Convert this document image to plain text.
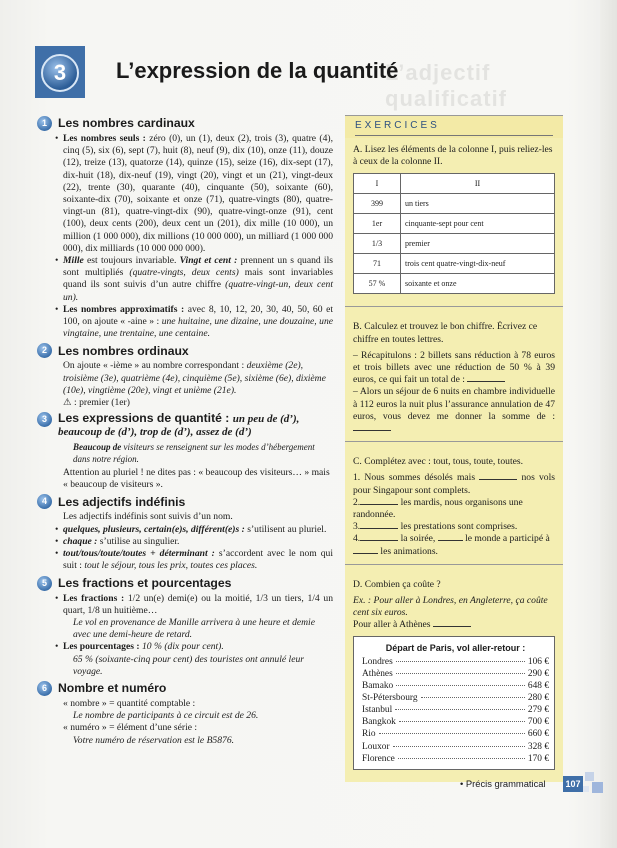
L’adjectif qualificatif
3	L’expression de la quantité
1 Les nombres cardinaux

• Les nombres seuls : zéro (0), un (1), deux (2), trois (3), quatre (4), cinq (5), six (6), sept (7), huit (8), neuf (9), dix (10), onze (11), douze (12), treize (13), quatorze (14), quinze (15), seize (16), dix-sept (17), dix-huit (18), dix-neuf (19), vingt (20), vingt et un (21), vingt-deux (22), trente (30), quarante (40), cinquante (50), soixante (60), soixante-dix (70), soixante et onze (71), quatre-vingts (80), quatre-vingt-un (81), quatre-vingt-dix (90), quatre-vingt-onze (91), cent (100), deux cents (200), deux cent un (201), dix mille (10 000), un million (1 000 000), dix millions (10 000 000), un milliard (1 000 000 000), dix milliards (10 000 000 000).

• Mille est toujours invariable. Vingt et cent : prennent un s quand ils sont multipliés (quatre-vingts, deux cents) mais sont invariables quand ils sont suivis d’un autre chiffre (quatre-vingt-un, deux cent un).

• Les nombres approximatifs : avec 8, 10, 12, 20, 30, 40, 50, 60 et 100, on ajoute « -aine » : une huitaine, une dizaine, une douzaine, une vingtaine, une trentaine, une centaine.

2 Les nombres ordinaux

On ajoute « -ième » au nombre correspondant : deuxième (2e), troisième (3e), quatrième (4e), cinquième (5e), sixième (6e), dixième (10e), vingtième (20e), vingt et unième (21e).

⚠ : premier (1er)

3 Les expressions de quantité : un peu de (d’), beaucoup de (d’), trop de (d’), assez de (d’)

Beaucoup de visiteurs se renseignent sur les modes d’hébergement dans notre région.

Attention au pluriel ! ne dites pas : « beaucoup des visiteurs… » mais « beaucoup de visiteurs ».

4 Les adjectifs indéfinis

Les adjectifs indéfinis sont suivis d’un nom.

• quelques, plusieurs, certain(e)s, différent(e)s : s’utilisent au pluriel.

• chaque : s’utilise au singulier.

• tout/tous/toute/toutes + déterminant : s’accordent avec le nom qui suit : tout le séjour, tous les prix, toutes ces places.

5 Les fractions et pourcentages

• Les fractions : 1/2 un(e) demi(e) ou la moitié, 1/3 un tiers, 1/4 un quart, 1/8 un huitième…

Le vol en provenance de Manille arrivera à une heure et demie avec une demi-heure de retard.

• Les pourcentages : 10 % (dix pour cent).

65 % (soixante-cinq pour cent) des touristes ont annulé leur voyage.

6 Nombre et numéro

« nombre » = quantité comptable :

Le nombre de participants à ce circuit est de 26.

« numéro » = élément d’une série :

Votre numéro de réservation est le B5876.

EXERCICES

A. Lisez les éléments de la colonne I, puis reliez-les à ceux de la colonne II.

I	II
399	un tiers
1er	cinquante-sept pour cent
1/3	premier
71	trois cent quatre-vingt-dix-neuf
57 %	soixante et onze

B. Calculez et trouvez le bon chiffre. Écrivez ce chiffre en toutes lettres.

– Récapitulons : 2 billets sans réduction à 78 euros et trois billets avec une réduction de 50 % à 39 euros, ce qui fait un total de :

– Alors un séjour de 6 nuits en chambre individuelle à 112 euros la nuit plus l’assurance annulation de 47 euros, vous devez me donner la somme de :

C. Complétez avec : tout, tous, toute, toutes.

1. Nous sommes désolés mais	nos vols pour Singapour sont complets.

2.	les mardis, nous organisons une randonnée.

3.	les prestations sont comprises.

4.	la soirée,	le monde a participé à  les animations.

D. Combien ça coûte ?

Ex. : Pour aller à Londres, en Angleterre, ça coûte cent six euros.

Pour aller à Athènes

Départ de Paris, vol aller-retour :
Londres	106 €
Athènes	290 €
Bamako	648 €
St-Pétersbourg	280 €
Istanbul	279 €
Bangkok	700 €
Rio	660 €
Louxor	328 €
Florence	170 €
• Précis grammatical 107
